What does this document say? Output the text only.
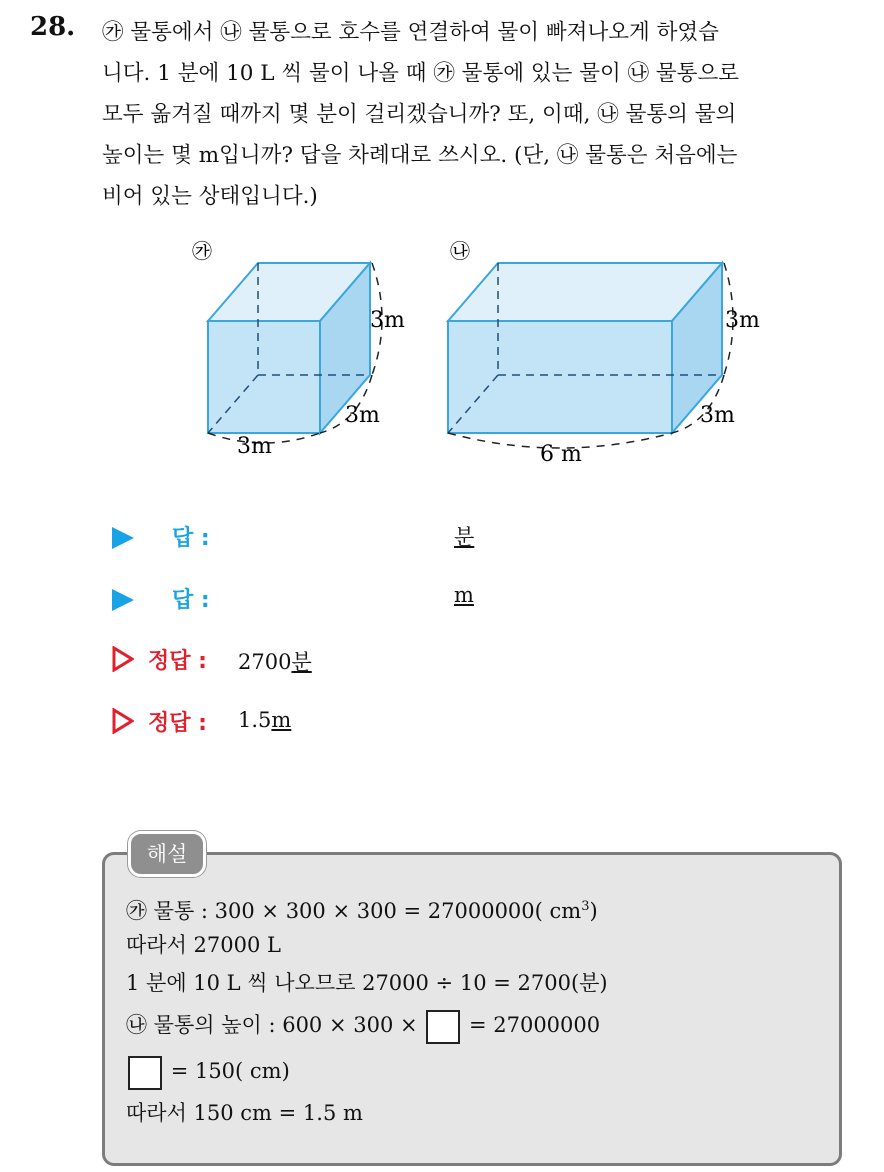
28. ㉮ 물통에서 ㉯ 물통으로 호수를 연결하여 물이 빠져나오게 하였습
니다. 1 분에 10 L 씩 물이 나올 때 ㉮ 물통에 있는 물이 ㉯ 물통으로
모두 옮겨질 때까지 몇 분이 걸리겠습니까? 또, 이때, ㉯ 물통의 물의
높이는 몇 m입니까? 답을 차례대로 쓰시오. (단, ㉯ 물통은 처음에는
비어 있는 상태입니다.)
㉮
3m
3m
3m
㉯
3m
3m
6 m
답 :	분
답 :	m
정답 : 2700분
정답 : 1.5m
해설
㉮ 물통 : 300 × 300 × 300 = 27000000( $cm^3$)
따라서 27000 L
1 분에 10 L 씩 나오므로 27000 ÷ 10 = 2700(분)
㉯ 물통의 높이 : 600 × 300 × = 27000000
= 150( cm)
따라서 150 cm = 1.5 m
